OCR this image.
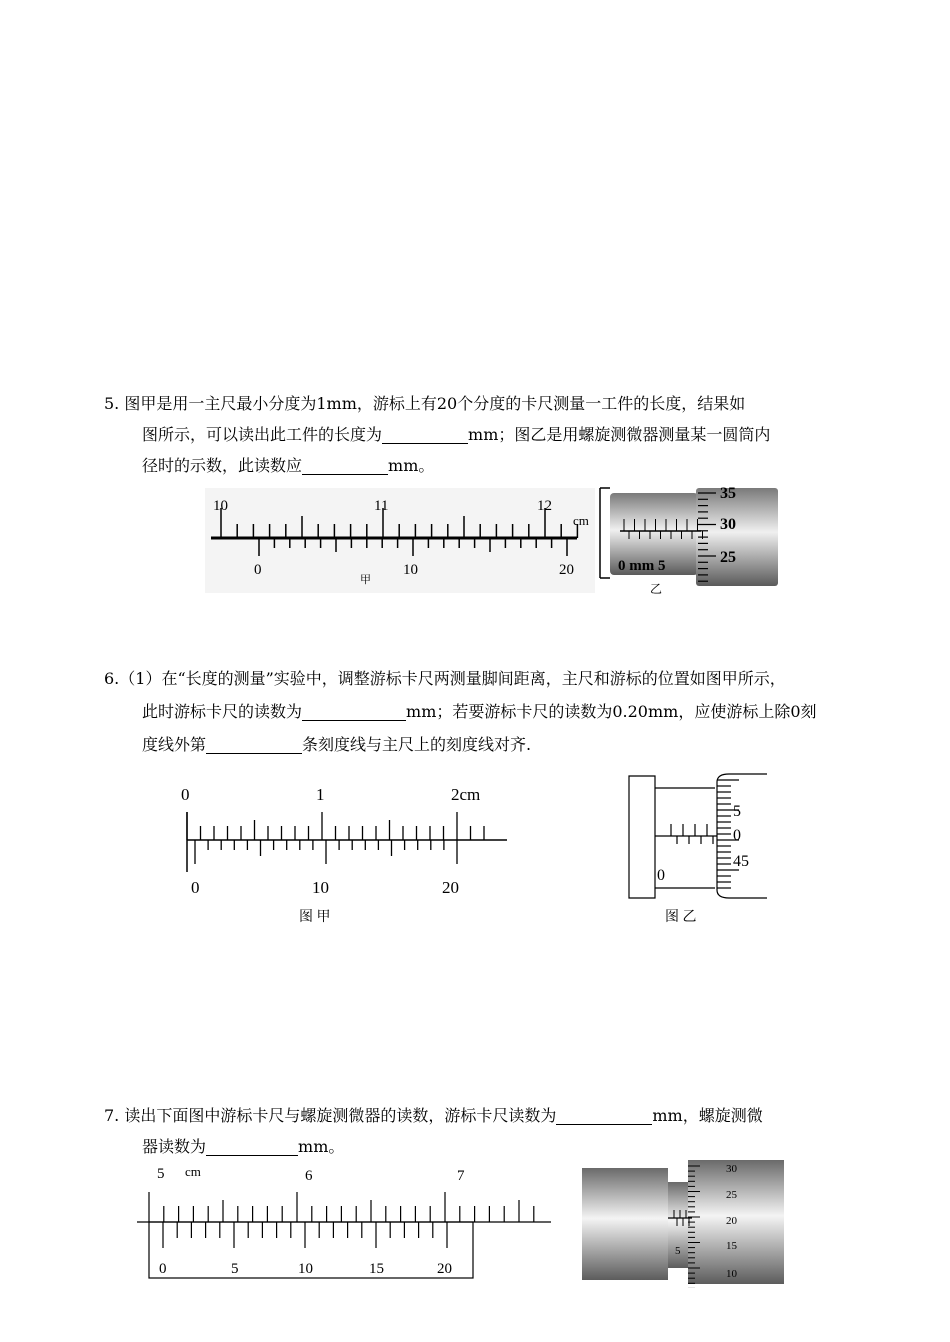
5. 图甲是用一主尺最小分度为1mm，游标上有20个分度的卡尺测量一工件的长度，结果如
图所示，可以读出此工件的长度为	mm；图乙是用螺旋测微器测量某一圆筒内
径时的示数，此读数应	mm。
10	11	12
cm
0	10	20
甲
0 mm 5
35
30
25
乙
6.（1）在“长度的测量”实验中，调整游标卡尺两测量脚间距离，主尺和游标的位置如图甲所示，
此时游标卡尺的读数为	mm；若要游标卡尺的读数为0.20mm，应使游标上除0刻
度线外第	条刻度线与主尺上的刻度线对齐.
0	1	2cm
0	10	20
图 甲
0
5
0
45
图 乙
7. 读出下面图中游标卡尺与螺旋测微器的读数，游标卡尺读数为	mm，螺旋测微
器读数为	mm。
5 cm	6	7
0	5	10	15	20
5
30
25
20
15
10
